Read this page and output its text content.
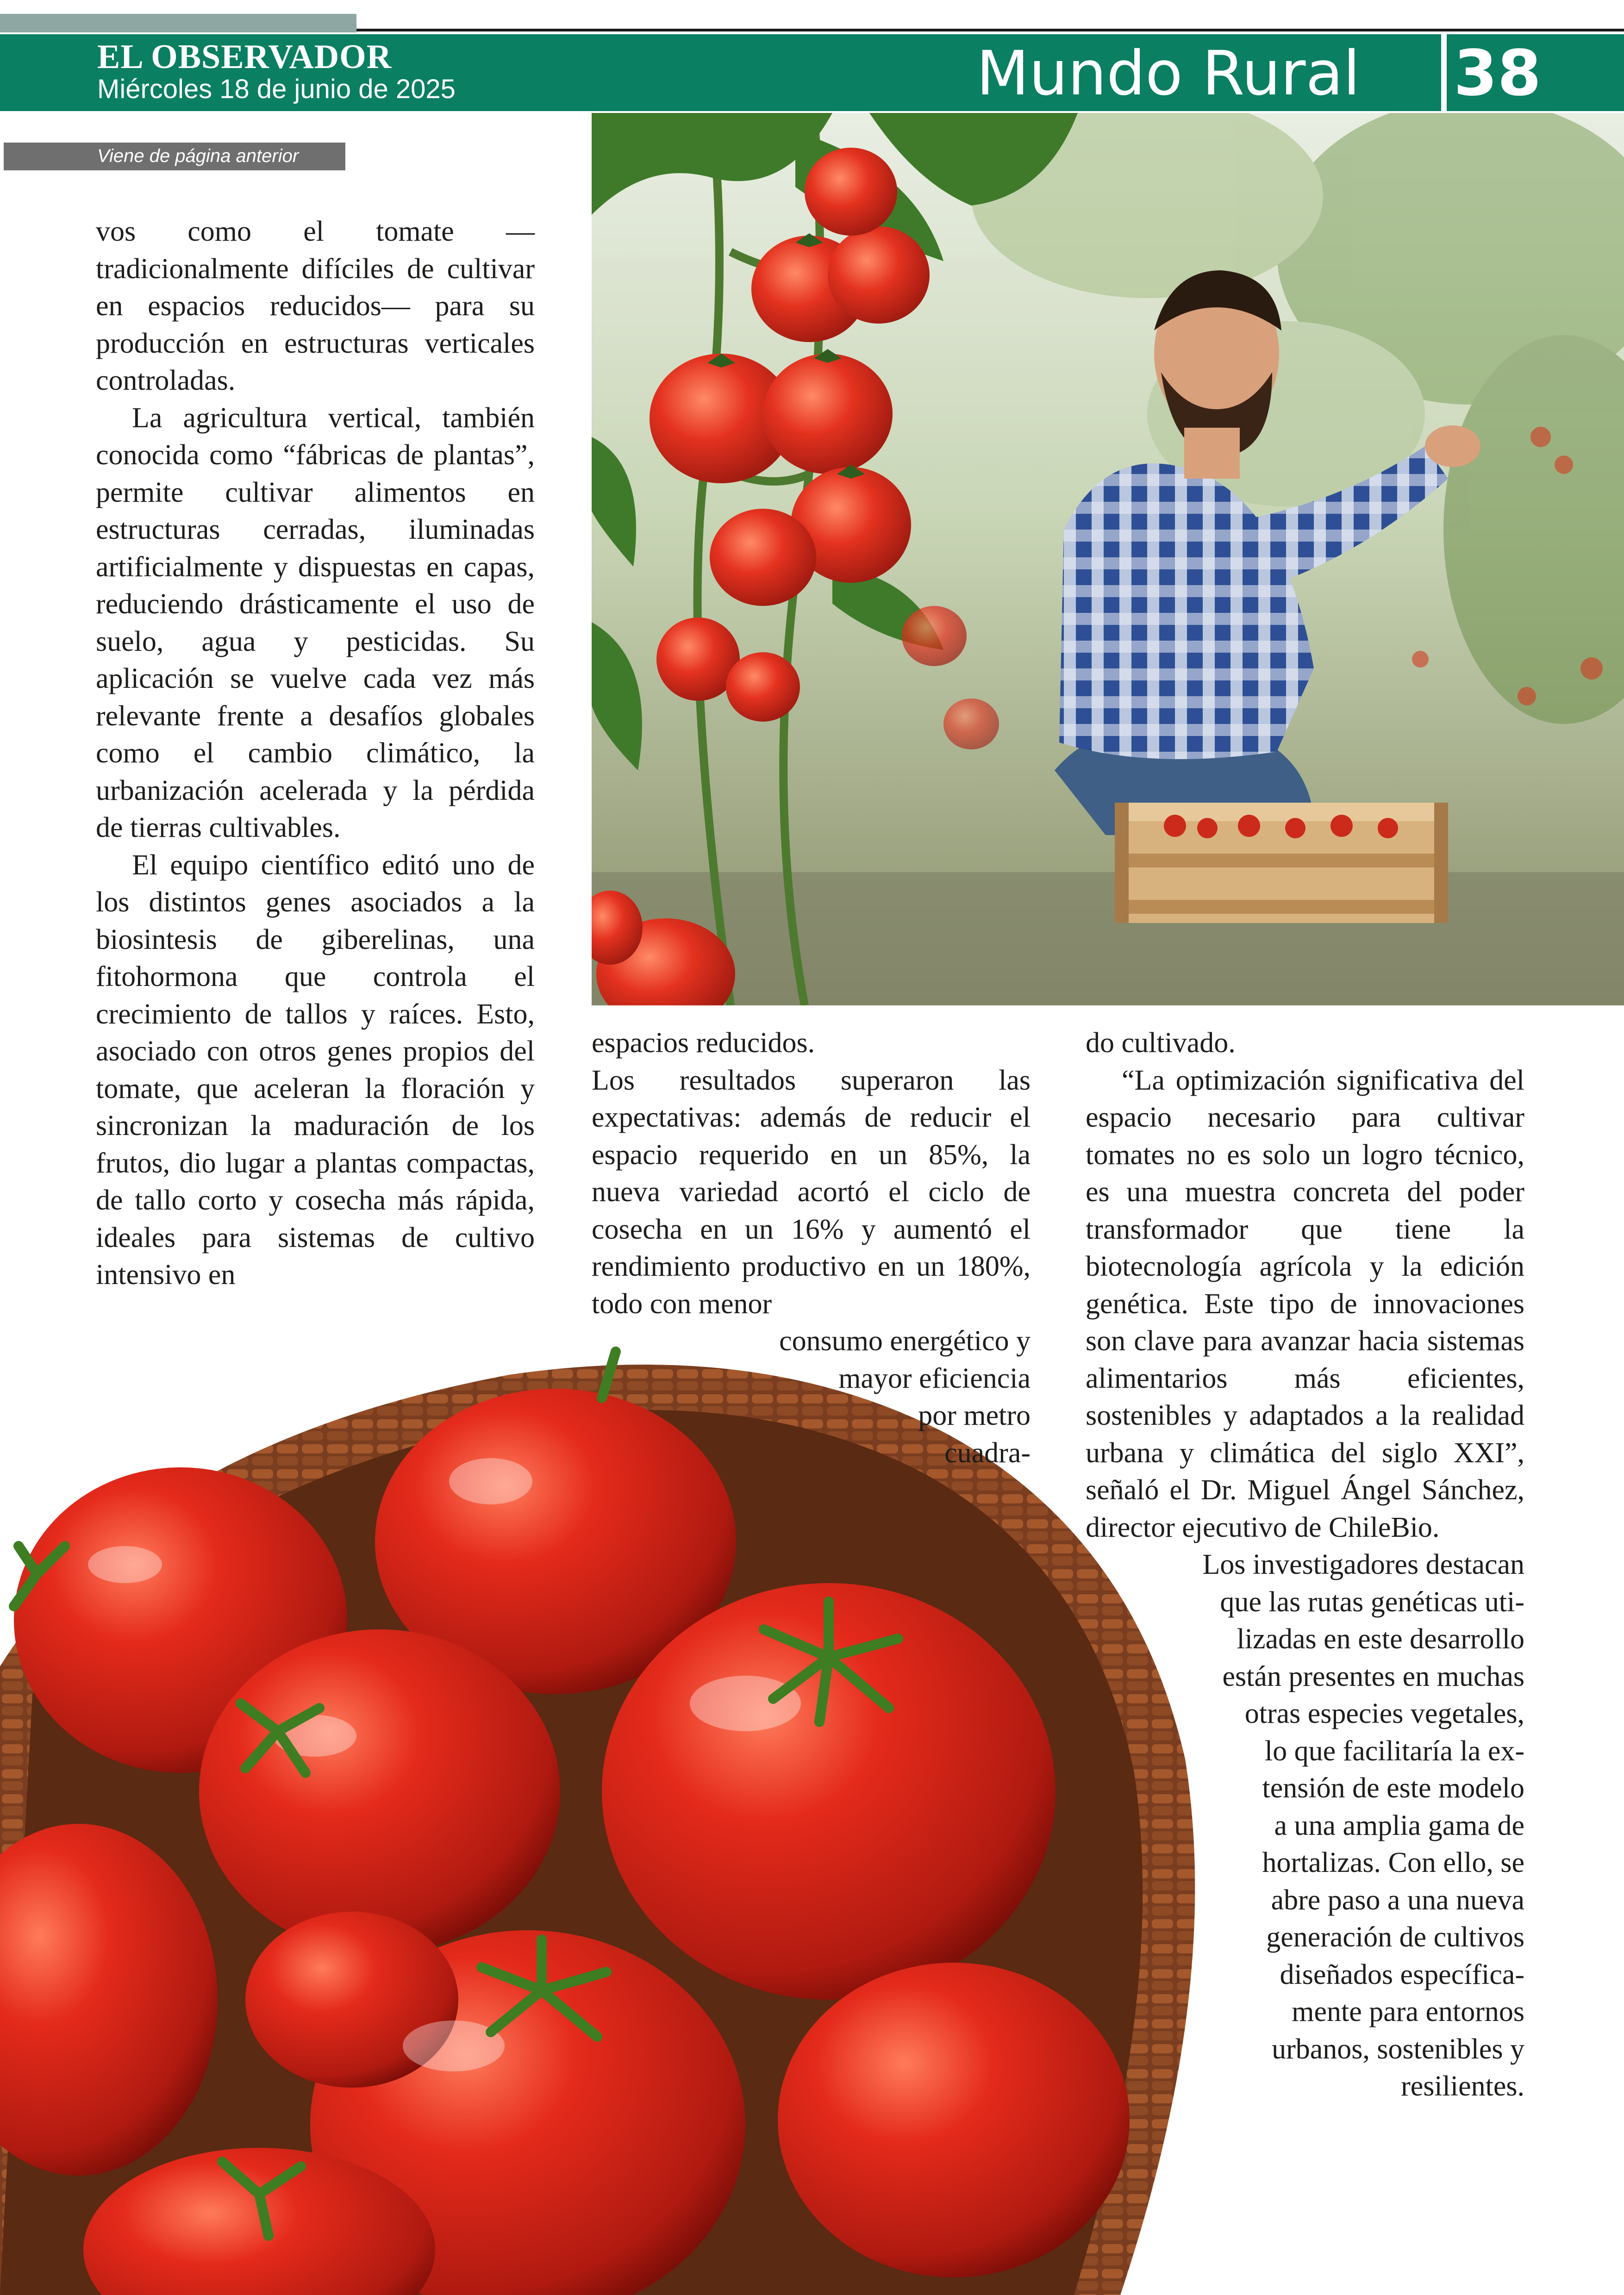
EL OBSERVADOR
Miércoles 18 de junio de 2025	Mundo Rural 38
Viene de página anterior

vos como el tomate —tradicionalmente difíciles de cultivar en espacios reducidos— para su producción en estructuras verticales controladas.

La agricultura vertical, también conocida como “fábricas de plantas”, permite cultivar alimentos en estructuras cerradas, iluminadas artificialmente y dispuestas en capas, reduciendo drásticamente el uso de suelo, agua y pesticidas. Su aplicación se vuelve cada vez más relevante frente a desafíos globales como el cambio climático, la urbanización acelerada y la pérdida de tierras cultivables.

El equipo científico editó uno de los distintos genes asociados a la biosintesis de giberelinas, una fitohormona que controla el crecimiento de tallos y raíces. Esto, asociado con otros genes propios del tomate, que aceleran la floración y sincronizan la maduración de los frutos, dio lugar a plantas compactas, de tallo corto y cosecha más rápida, ideales para sistemas de cultivo intensivo en

espacios reducidos.

Los resultados superaron las expectativas: además de reducir el espacio requerido en un 85%, la nueva variedad acortó el ciclo de cosecha en un 16% y aumentó el rendimiento productivo en un 180%, todo con menor

consumo energético y
mayor eficiencia
por metro
cuadra-

do cultivado.

“La optimización significativa del espacio necesario para cultivar tomates no es solo un logro técnico, es una muestra concreta del poder transformador que tiene la biotecnología agrícola y la edición genética. Este tipo de innovaciones son clave para avanzar hacia sistemas alimentarios más eficientes, sostenibles y adaptados a la realidad urbana y climática del siglo XXI”, señaló el Dr. Miguel Ángel Sánchez, director ejecutivo de ChileBio.

Los investigadores destacan
que las rutas genéticas uti-
lizadas en este desarrollo
están presentes en muchas
otras especies vegetales,
lo que facilitaría la ex-
tensión de este modelo
a una amplia gama de
hortalizas. Con ello, se
abre paso a una nueva
generación de cultivos
diseñados específica-
mente para entornos
urbanos, sostenibles y
resilientes.
